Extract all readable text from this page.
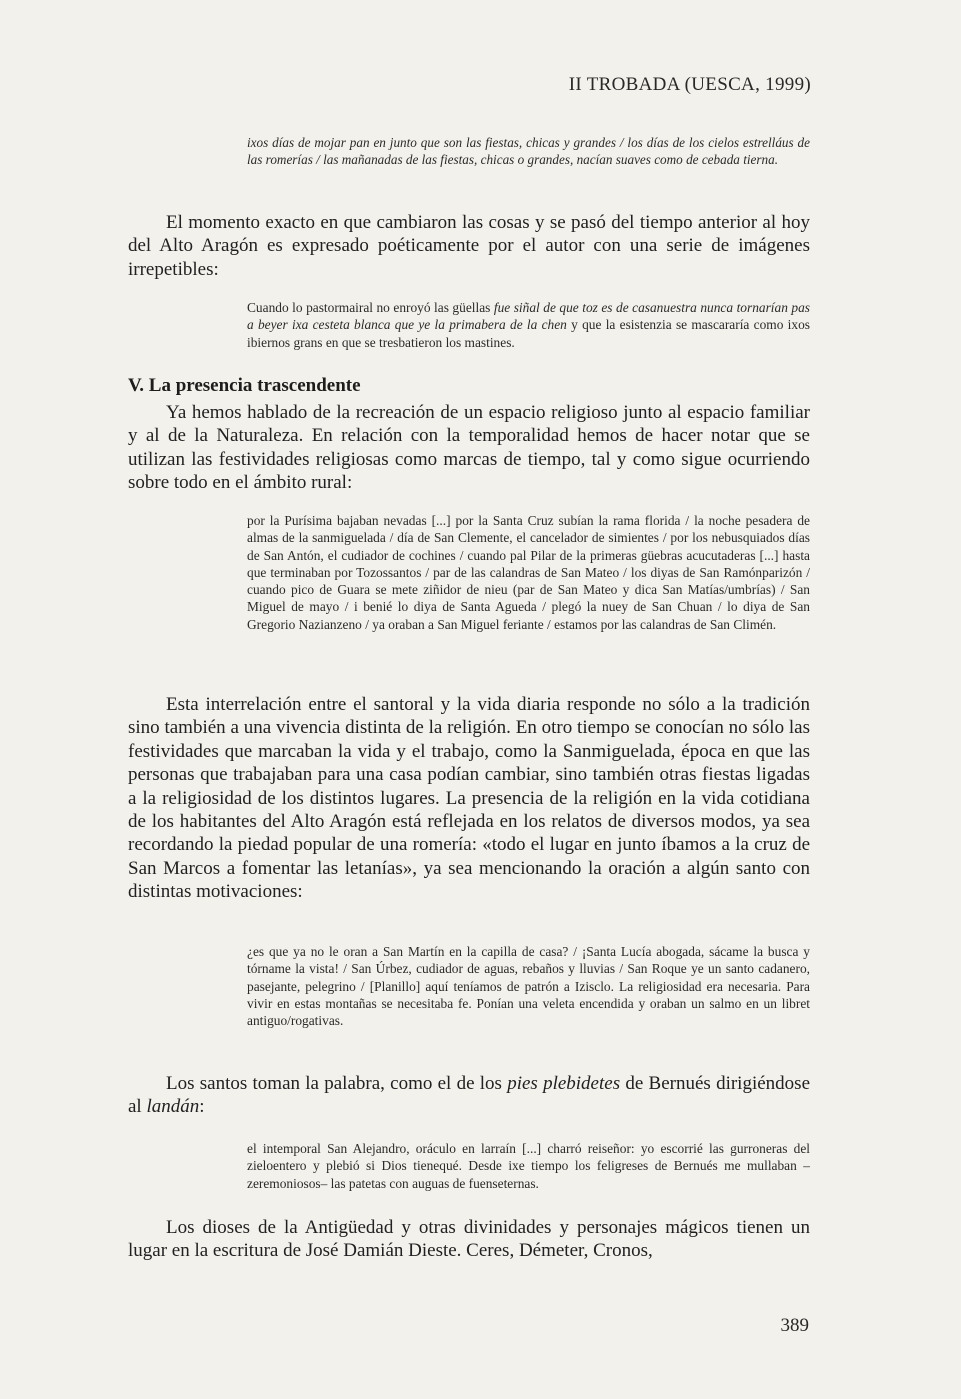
II TROBADA (UESCA, 1999)
ixos días de mojar pan en junto que son las fiestas, chicas y grandes / los días de los cielos estrelláus de las romerías / las mañanadas de las fiestas, chicas o grandes, nacían suaves como de cebada tierna.
El momento exacto en que cambiaron las cosas y se pasó del tiempo anterior al hoy del Alto Aragón es expresado poéticamente por el autor con una serie de imágenes irrepetibles:
Cuando lo pastormairal no enroyó las güellas fue siñal de que toz es de casanuestra nunca tornarían pas a beyer ixa cesteta blanca que ye la primabera de la chen y que la esistenzia se mascararía como ixos ibiernos grans en que se tresbatieron los mastines.
V. La presencia trascendente
Ya hemos hablado de la recreación de un espacio religioso junto al espacio familiar y al de la Naturaleza. En relación con la temporalidad hemos de hacer notar que se utilizan las festividades religiosas como marcas de tiempo, tal y como sigue ocurriendo sobre todo en el ámbito rural:
por la Purísima bajaban nevadas [...] por la Santa Cruz subían la rama florida / la noche pesadera de almas de la sanmiguelada / día de San Clemente, el cancelador de simientes / por los nebusquiados días de San Antón, el cudiador de cochines / cuando pal Pilar de la primeras güebras acucutaderas [...] hasta que terminaban por Tozossantos / par de las calandras de San Mateo / los diyas de San Ramónparizón / cuando pico de Guara se mete ziñidor de nieu (par de San Mateo y dica San Matías/umbrías) / San Miguel de mayo / i benié lo diya de Santa Agueda / plegó la nuey de San Chuan / lo diya de San Gregorio Nazianzeno / ya oraban a San Miguel feriante / estamos por las calandras de San Climén.
Esta interrelación entre el santoral y la vida diaria responde no sólo a la tradición sino también a una vivencia distinta de la religión. En otro tiempo se conocían no sólo las festividades que marcaban la vida y el trabajo, como la Sanmiguelada, época en que las personas que trabajaban para una casa podían cambiar, sino también otras fiestas ligadas a la religiosidad de los distintos lugares. La presencia de la religión en la vida cotidiana de los habitantes del Alto Aragón está reflejada en los relatos de diversos modos, ya sea recordando la piedad popular de una romería: «todo el lugar en junto íbamos a la cruz de San Marcos a fomentar las letanías», ya sea mencionando la oración a algún santo con distintas motivaciones:
¿es que ya no le oran a San Martín en la capilla de casa? / ¡Santa Lucía abogada, sácame la busca y tórname la vista! / San Úrbez, cudiador de aguas, rebaños y lluvias / San Roque ye un santo cadanero, pasejante, pelegrino / [Planillo] aquí teníamos de patrón a Izisclo. La religiosidad era necesaria. Para vivir en estas montañas se necesitaba fe. Ponían una veleta encendida y oraban un salmo en un libret antiguo/rogativas.
Los santos toman la palabra, como el de los pies plebidetes de Bernués dirigiéndose al landán:
el intemporal San Alejandro, oráculo en larraín [...] charró reiseñor: yo escorrié las gurroneras del zieloentero y plebió si Dios tienequé. Desde ixe tiempo los feligreses de Bernués me mullaban –zeremoniosos– las patetas con auguas de fuenseternas.
Los dioses de la Antigüedad y otras divinidades y personajes mágicos tienen un lugar en la escritura de José Damián Dieste. Ceres, Démeter, Cronos,
389
